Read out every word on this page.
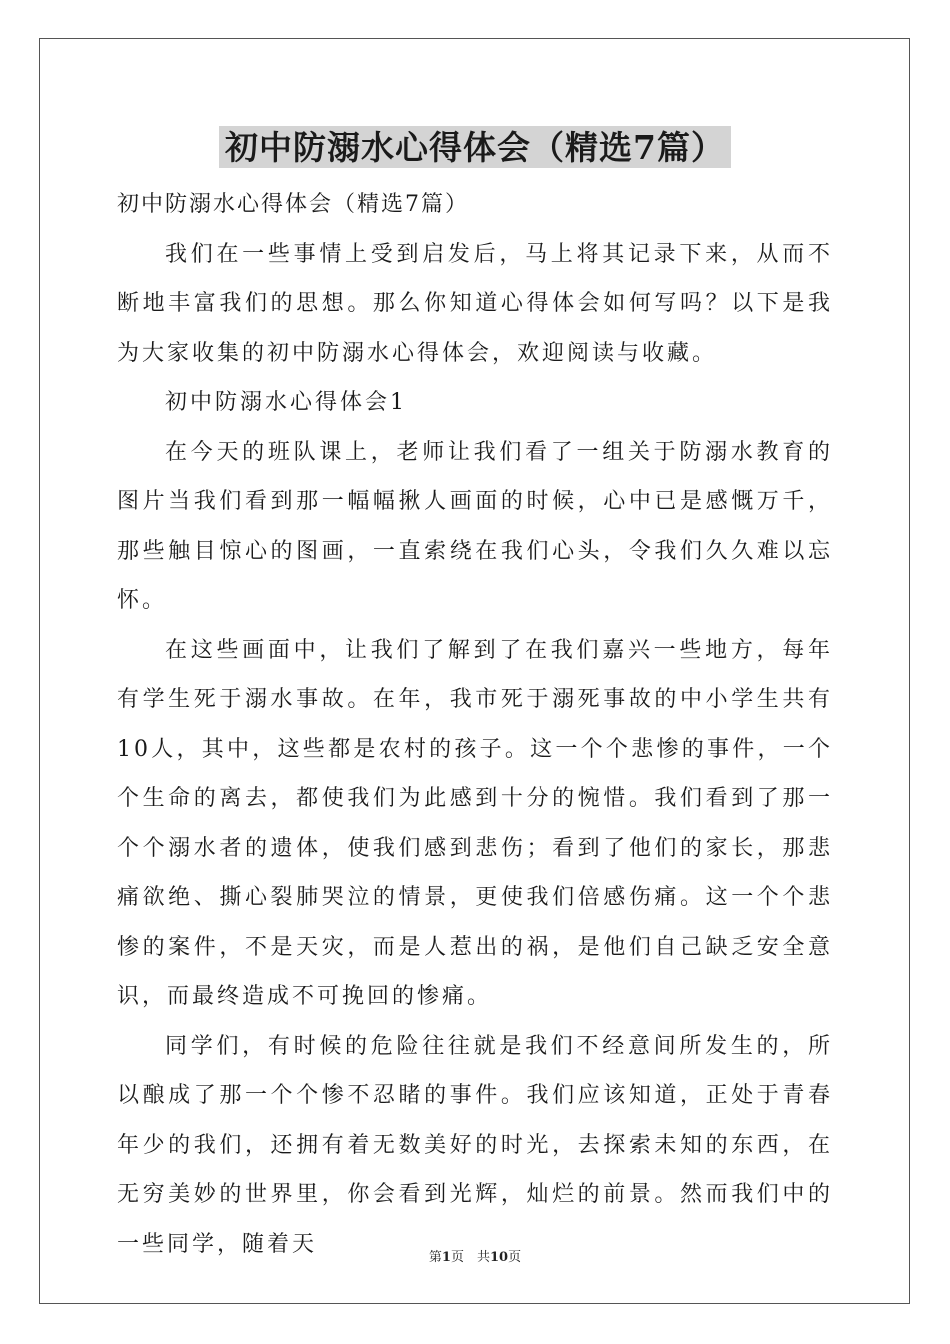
初中防溺水心得体会（精选7篇）

初中防溺水心得体会（精选7篇）

我们在一些事情上受到启发后，马上将其记录下来，从而不断地丰富我们的思想。那么你知道心得体会如何写吗？以下是我为大家收集的初中防溺水心得体会，欢迎阅读与收藏。

初中防溺水心得体会1

在今天的班队课上，老师让我们看了一组关于防溺水教育的图片当我们看到那一幅幅揪人画面的时候，心中已是感慨万千，那些触目惊心的图画，一直索绕在我们心头，令我们久久难以忘怀。

在这些画面中，让我们了解到了在我们嘉兴一些地方，每年有学生死于溺水事故。在年，我市死于溺死事故的中小学生共有10人，其中，这些都是农村的孩子。这一个个悲惨的事件，一个个生命的离去，都使我们为此感到十分的惋惜。我们看到了那一个个溺水者的遗体，使我们感到悲伤；看到了他们的家长，那悲痛欲绝、撕心裂肺哭泣的情景，更使我们倍感伤痛。这一个个悲惨的案件，不是天灾，而是人惹出的祸，是他们自己缺乏安全意识，而最终造成不可挽回的惨痛。

同学们，有时候的危险往往就是我们不经意间所发生的，所以酿成了那一个个惨不忍睹的事件。我们应该知道，正处于青春年少的我们，还拥有着无数美好的时光，去探索未知的东西，在无穷美妙的世界里，你会看到光辉，灿烂的前景。然而我们中的一些同学，随着天

第1页　共10页
